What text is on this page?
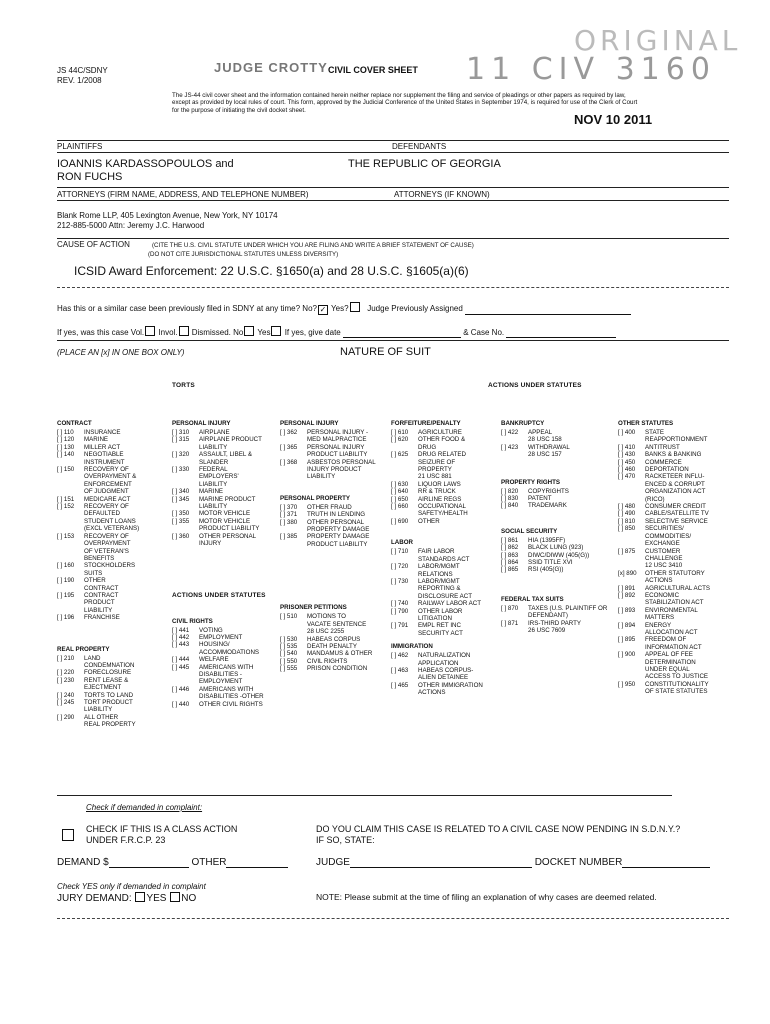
JS 44C/SDNY
REV. 1/2008
JUDGE CROTTY CIVIL COVER SHEET
ORIGINAL
11 CIV 3160
The JS-44 civil cover sheet and the information contained herein neither replace nor supplement the filing and service of pleadings or other papers as required by law, except as provided by local rules of court. This form, approved by the Judicial Conference of the United States in September 1974, is required for use of the Clerk of Court for the purpose of initiating the civil docket sheet.
NOV 10 2011
PLAINTIFFS	DEFENDANTS
IOANNIS KARDASSOPOULOS and
RON FUCHS
THE REPUBLIC OF GEORGIA
ATTORNEYS (FIRM NAME, ADDRESS, AND TELEPHONE NUMBER)	ATTORNEYS (IF KNOWN)
Blank Rome LLP, 405 Lexington Avenue, New York, NY 10174
212-885-5000 Attn: Jeremy J.C. Harwood
CAUSE OF ACTION	(CITE THE U.S. CIVIL STATUTE UNDER WHICH YOU ARE FILING AND WRITE A BRIEF STATEMENT OF CAUSE)
(DO NOT CITE JURISDICTIONAL STATUTES UNLESS DIVERSITY)
ICSID Award Enforcement: 22 U.S.C. §1650(a) and 28 U.S.C. §1605(a)(6)
Has this or a similar case been previously filed in SDNY at any time? No? ✓ Yes? Judge Previously Assigned
If yes, was this case Vol. Invol. Dismissed. No Yes If yes, give date	& Case No.
(PLACE AN [x] IN ONE BOX ONLY)	NATURE OF SUIT
TORTS	ACTIONS UNDER STATUTES
ACTIONS UNDER STATUTES
CONTRACT
[ ] 110	INSURANCE
[ ] 120	MARINE
[ ] 130	MILLER ACT
[ ] 140	NEGOTIABLE
INSTRUMENT
[ ] 150	RECOVERY OF
OVERPAYMENT &
ENFORCEMENT
OF JUDGMENT
[ ] 151	MEDICARE ACT
[ ] 152	RECOVERY OF
DEFAULTED
STUDENT LOANS
(EXCL VETERANS)
[ ] 153	RECOVERY OF
OVERPAYMENT
OF VETERAN'S
BENEFITS
[ ] 160	STOCKHOLDERS
SUITS
[ ] 190	OTHER
CONTRACT
[ ] 195	CONTRACT
PRODUCT
LIABILITY
[ ] 196	FRANCHISE
REAL PROPERTY
[ ] 210	LAND
CONDEMNATION
[ ] 220	FORECLOSURE
[ ] 230	RENT LEASE &
EJECTMENT
[ ] 240	TORTS TO LAND
[ ] 245	TORT PRODUCT
LIABILITY
[ ] 290	ALL OTHER
REAL PROPERTY
PERSONAL INJURY
[ ] 310	AIRPLANE
[ ] 315	AIRPLANE PRODUCT
LIABILITY
[ ] 320	ASSAULT, LIBEL &
SLANDER
[ ] 330	FEDERAL
EMPLOYERS'
LIABILITY
[ ] 340	MARINE
[ ] 345	MARINE PRODUCT
LIABILITY
[ ] 350	MOTOR VEHICLE
[ ] 355	MOTOR VEHICLE
PRODUCT LIABILITY
[ ] 360	OTHER PERSONAL
INJURY
CIVIL RIGHTS
[ ] 441	VOTING
[ ] 442	EMPLOYMENT
[ ] 443	HOUSING/
ACCOMMODATIONS
[ ] 444	WELFARE
[ ] 445	AMERICANS WITH
DISABILITIES -
EMPLOYMENT
[ ] 446	AMERICANS WITH
DISABILITIES -OTHER
[ ] 440	OTHER CIVIL RIGHTS
PERSONAL INJURY
[ ] 362	PERSONAL INJURY -
MED MALPRACTICE
[ ] 365	PERSONAL INJURY
PRODUCT LIABILITY
[ ] 368	ASBESTOS PERSONAL
INJURY PRODUCT
LIABILITY
PERSONAL PROPERTY
[ ] 370	OTHER FRAUD
[ ] 371	TRUTH IN LENDING
[ ] 380	OTHER PERSONAL
PROPERTY DAMAGE
[ ] 385	PROPERTY DAMAGE
PRODUCT LIABILITY
PRISONER PETITIONS
[ ] 510	MOTIONS TO
VACATE SENTENCE
28 USC 2255
[ ] 530	HABEAS CORPUS
[ ] 535	DEATH PENALTY
[ ] 540	MANDAMUS & OTHER
[ ] 550	CIVIL RIGHTS
[ ] 555	PRISON CONDITION
FORFEITURE/PENALTY
[ ] 610	AGRICULTURE
[ ] 620	OTHER FOOD &
DRUG
[ ] 625	DRUG RELATED
SEIZURE OF
PROPERTY
21 USC 881
[ ] 630	LIQUOR LAWS
[ ] 640	RR & TRUCK
[ ] 650	AIRLINE REGS
[ ] 660	OCCUPATIONAL
SAFETY/HEALTH
[ ] 690	OTHER
LABOR
[ ] 710	FAIR LABOR
STANDARDS ACT
[ ] 720	LABOR/MGMT
RELATIONS
[ ] 730	LABOR/MGMT
REPORTING &
DISCLOSURE ACT
[ ] 740	RAILWAY LABOR ACT
[ ] 790	OTHER LABOR
LITIGATION
[ ] 791	EMPL RET INC
SECURITY ACT
IMMIGRATION
[ ] 462	NATURALIZATION
APPLICATION
[ ] 463	HABEAS CORPUS-
ALIEN DETAINEE
[ ] 465	OTHER IMMIGRATION
ACTIONS
BANKRUPTCY
[ ] 422	APPEAL
28 USC 158
[ ] 423	WITHDRAWAL
28 USC 157
PROPERTY RIGHTS
[ ] 820	COPYRIGHTS
[ ] 830	PATENT
[ ] 840	TRADEMARK
SOCIAL SECURITY
[ ] 861	HIA (1395FF)
[ ] 862	BLACK LUNG (923)
[ ] 863	DIWC/DIWW (405(G))
[ ] 864	SSID TITLE XVI
[ ] 865	RSI (405(G))
FEDERAL TAX SUITS
[ ] 870	TAXES (U.S. PLAINTIFF OR
DEFENDANT)
[ ] 871	IRS-THIRD PARTY
26 USC 7609
OTHER STATUTES
[ ] 400	STATE
REAPPORTIONMENT
[ ] 410	ANTITRUST
[ ] 430	BANKS & BANKING
[ ] 450	COMMERCE
[ ] 460	DEPORTATION
[ ] 470	RACKETEER INFLU-
ENCED & CORRUPT
ORGANIZATION ACT
(RICO)
[ ] 480	CONSUMER CREDIT
[ ] 490	CABLE/SATELLITE TV
[ ] 810	SELECTIVE SERVICE
[ ] 850	SECURITIES/
COMMODITIES/
EXCHANGE
[ ] 875	CUSTOMER
CHALLENGE
12 USC 3410
[x] 890	OTHER STATUTORY
ACTIONS
[ ] 891	AGRICULTURAL ACTS
[ ] 892	ECONOMIC
STABILIZATION ACT
[ ] 893	ENVIRONMENTAL
MATTERS
[ ] 894	ENERGY
ALLOCATION ACT
[ ] 895	FREEDOM OF
INFORMATION ACT
[ ] 900	APPEAL OF FEE
DETERMINATION
UNDER EQUAL
ACCESS TO JUSTICE
[ ] 950	CONSTITUTIONALITY
OF STATE STATUTES
Check if demanded in complaint:
CHECK IF THIS IS A CLASS ACTION
UNDER F.R.C.P. 23
DO YOU CLAIM THIS CASE IS RELATED TO A CIVIL CASE NOW PENDING IN S.D.N.Y.?
IF SO, STATE:
DEMAND $	OTHER	JUDGE	DOCKET NUMBER
Check YES only if demanded in complaint
JURY DEMAND: YES NO	NOTE: Please submit at the time of filing an explanation of why cases are deemed related.
